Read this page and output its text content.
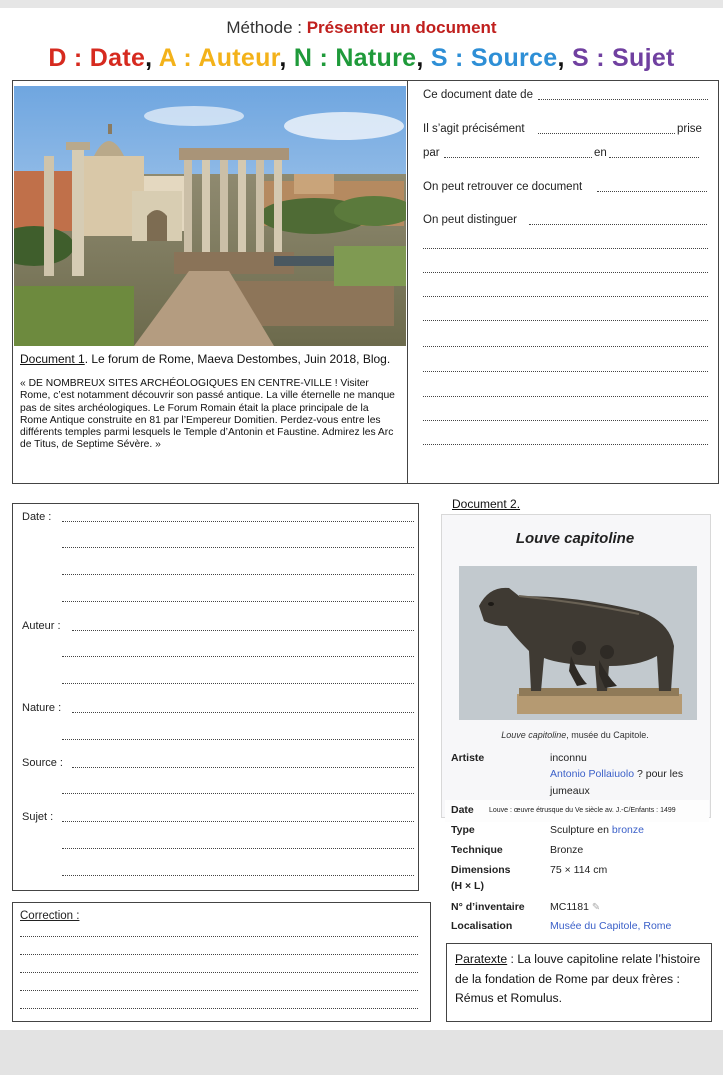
Méthode : Présenter un document
D : Date, A : Auteur, N : Nature, S : Source, S : Sujet
Document 1. Le forum de Rome, Maeva Destombes, Juin 2018, Blog.
« DE NOMBREUX SITES ARCHÉOLOGIQUES EN CENTRE-VILLE ! Visiter Rome, c’est notamment découvrir son passé antique. La ville éternelle ne manque pas de sites archéologiques. Le Forum Romain était la place principale de la Rome Antique construite en 81 par l’Empereur Domitien. Perdez-vous entre les différents temples parmi lesquels le Temple d’Antonin et Faustine. Admirez les Arc de Titus, de Septime Sévère. »
Ce document date de
Il s’agit précisément	prise
par	en
On peut retrouver ce document
On peut distinguer
Date :
Auteur :
Nature :
Source :
Sujet :
Correction :
Document 2.
Louve capitoline
Louve capitoline, musée du Capitole.
Artiste	inconnu
Antonio Pollaiuolo ? pour les
jumeaux
Date Louve : œuvre étrusque du Ve siècle av. J.-C/Enfants : 1499
Type	Sculpture en bronze
Technique	Bronze
Dimensions
(H × L)
75 × 114 cm
N° d’inventaire MC1181 ✎
Localisation	Musée du Capitole, Rome
Paratexte : La louve capitoline relate l’histoire de la fondation de Rome par deux frères : Rémus et Romulus.
